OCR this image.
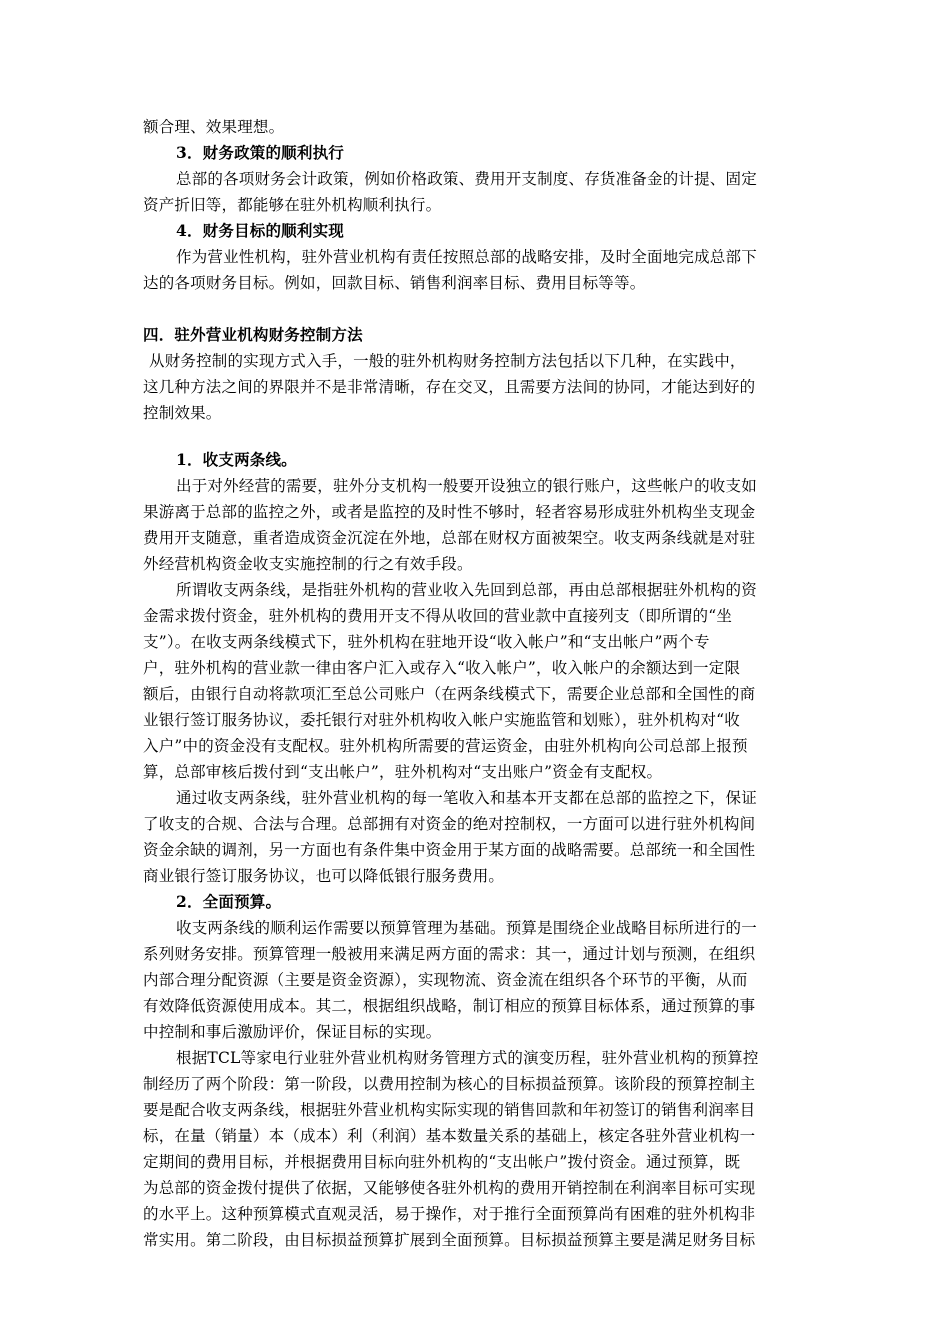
额合理、效果理想。
3．财务政策的顺利执行
总部的各项财务会计政策，例如价格政策、费用开支制度、存货准备金的计提、固定
资产折旧等，都能够在驻外机构顺利执行。
4．财务目标的顺利实现
作为营业性机构，驻外营业机构有责任按照总部的战略安排，及时全面地完成总部下
达的各项财务目标。例如，回款目标、销售利润率目标、费用目标等等。
四．驻外营业机构财务控制方法
从财务控制的实现方式入手，一般的驻外机构财务控制方法包括以下几种，在实践中，
这几种方法之间的界限并不是非常清晰，存在交叉，且需要方法间的协同，才能达到好的
控制效果。
1．收支两条线。
出于对外经营的需要，驻外分支机构一般要开设独立的银行账户，这些帐户的收支如
果游离于总部的监控之外，或者是监控的及时性不够时，轻者容易形成驻外机构坐支现金
费用开支随意，重者造成资金沉淀在外地，总部在财权方面被架空。收支两条线就是对驻
外经营机构资金收支实施控制的行之有效手段。
所谓收支两条线，是指驻外机构的营业收入先回到总部，再由总部根据驻外机构的资
金需求拨付资金，驻外机构的费用开支不得从收回的营业款中直接列支（即所谓的“坐
支”）。在收支两条线模式下，驻外机构在驻地开设“收入帐户”和“支出帐户”两个专
户，驻外机构的营业款一律由客户汇入或存入“收入帐户”，收入帐户的余额达到一定限
额后，由银行自动将款项汇至总公司账户（在两条线模式下，需要企业总部和全国性的商
业银行签订服务协议，委托银行对驻外机构收入帐户实施监管和划账），驻外机构对“收
入户”中的资金没有支配权。驻外机构所需要的营运资金，由驻外机构向公司总部上报预
算，总部审核后拨付到“支出帐户”，驻外机构对“支出账户”资金有支配权。
通过收支两条线，驻外营业机构的每一笔收入和基本开支都在总部的监控之下，保证
了收支的合规、合法与合理。总部拥有对资金的绝对控制权，一方面可以进行驻外机构间
资金余缺的调剂，另一方面也有条件集中资金用于某方面的战略需要。总部统一和全国性
商业银行签订服务协议，也可以降低银行服务费用。
2．全面预算。
收支两条线的顺利运作需要以预算管理为基础。预算是围绕企业战略目标所进行的一
系列财务安排。预算管理一般被用来满足两方面的需求：其一，通过计划与预测，在组织
内部合理分配资源（主要是资金资源），实现物流、资金流在组织各个环节的平衡，从而
有效降低资源使用成本。其二，根据组织战略，制订相应的预算目标体系，通过预算的事
中控制和事后激励评价，保证目标的实现。
根据TCL等家电行业驻外营业机构财务管理方式的演变历程，驻外营业机构的预算控
制经历了两个阶段：第一阶段，以费用控制为核心的目标损益预算。该阶段的预算控制主
要是配合收支两条线，根据驻外营业机构实际实现的销售回款和年初签订的销售利润率目
标，在量（销量）本（成本）利（利润）基本数量关系的基础上，核定各驻外营业机构一
定期间的费用目标，并根据费用目标向驻外机构的“支出帐户”拨付资金。通过预算，既
为总部的资金拨付提供了依据，又能够使各驻外机构的费用开销控制在利润率目标可实现
的水平上。这种预算模式直观灵活，易于操作，对于推行全面预算尚有困难的驻外机构非
常实用。第二阶段，由目标损益预算扩展到全面预算。目标损益预算主要是满足财务目标
